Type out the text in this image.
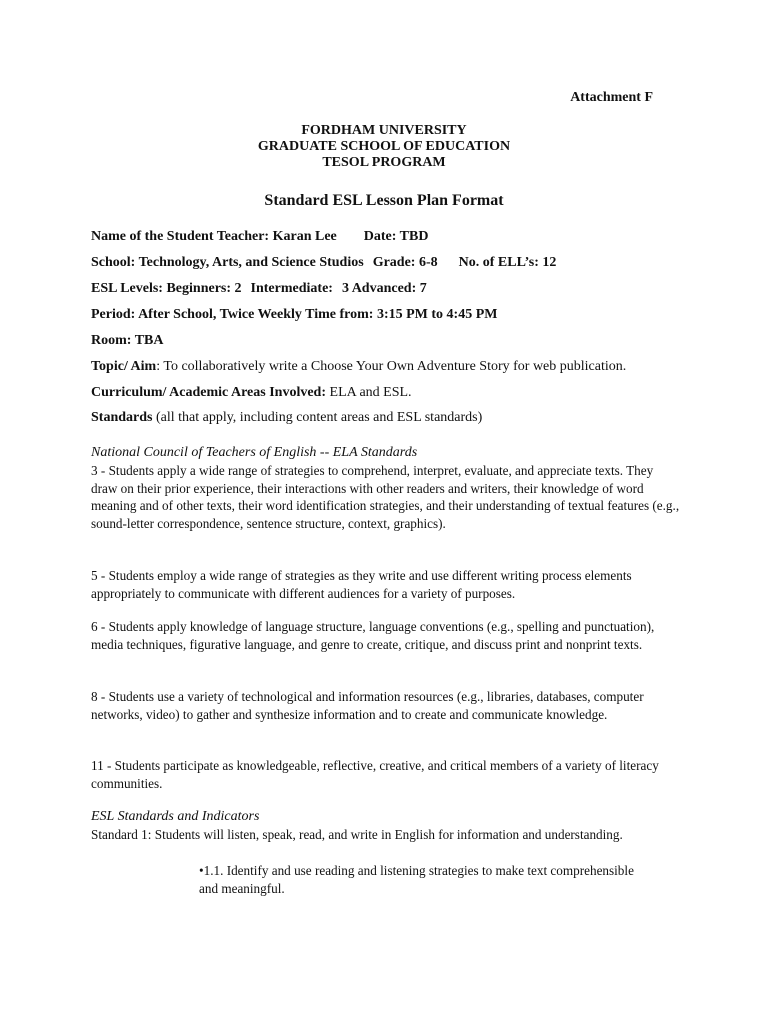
Attachment F
FORDHAM UNIVERSITY
GRADUATE SCHOOL OF EDUCATION
TESOL PROGRAM
Standard ESL Lesson Plan Format
Name of the Student Teacher: Karan Lee Date: TBD
School: Technology, Arts, and Science Studios Grade: 6-8 No. of ELL’s: 12
ESL Levels: Beginners: 2 Intermediate: 3 Advanced: 7
Period: After School, Twice Weekly Time from: 3:15 PM to 4:45 PM
Room: TBA
Topic/ Aim: To collaboratively write a Choose Your Own Adventure Story for web publication.
Curriculum/ Academic Areas Involved: ELA and ESL.
Standards (all that apply, including content areas and ESL standards)
National Council of Teachers of English -- ELA Standards
3 - Students apply a wide range of strategies to comprehend, interpret, evaluate, and appreciate texts. They draw on their prior experience, their interactions with other readers and writers, their knowledge of word meaning and of other texts, their word identification strategies, and their understanding of textual features (e.g., sound-letter correspondence, sentence structure, context, graphics).
5 - Students employ a wide range of strategies as they write and use different writing process elements appropriately to communicate with different audiences for a variety of purposes.
6 - Students apply knowledge of language structure, language conventions (e.g., spelling and punctuation), media techniques, figurative language, and genre to create, critique, and discuss print and nonprint texts.
8 - Students use a variety of technological and information resources (e.g., libraries, databases, computer networks, video) to gather and synthesize information and to create and communicate knowledge.
11 - Students participate as knowledgeable, reflective, creative, and critical members of a variety of literacy communities.
ESL Standards and Indicators
Standard 1: Students will listen, speak, read, and write in English for information and understanding.
•1.1. Identify and use reading and listening strategies to make text comprehensible and meaningful.
